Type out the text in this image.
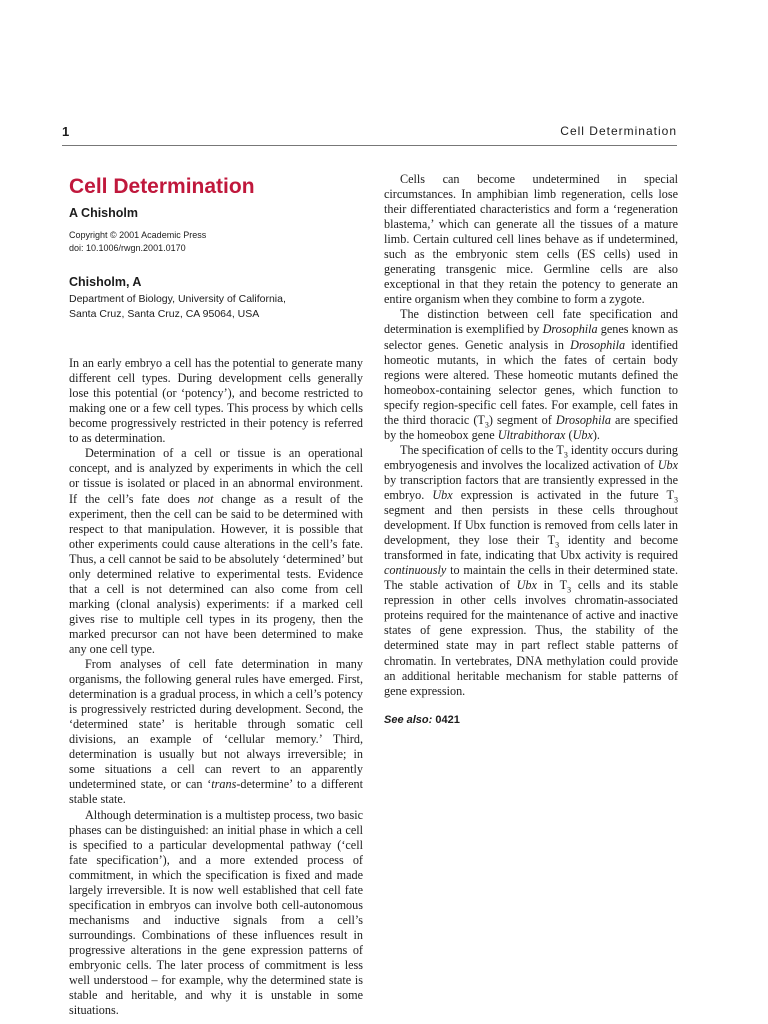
1	Cell Determination
Cell Determination
A Chisholm
Copyright © 2001 Academic Press
doi: 10.1006/rwgn.2001.0170
Chisholm, A
Department of Biology, University of California,
Santa Cruz, Santa Cruz, CA 95064, USA

In an early embryo a cell has the potential to generate many different cell types. During development cells generally lose this potential (or ‘potency’), and become restricted to making one or a few cell types. This process by which cells become progressively restricted in their potency is referred to as determination.

Determination of a cell or tissue is an operational concept, and is analyzed by experiments in which the cell or tissue is isolated or placed in an abnormal environment. If the cell’s fate does not change as a result of the experiment, then the cell can be said to be determined with respect to that manipulation. However, it is possible that other experiments could cause alterations in the cell’s fate. Thus, a cell cannot be said to be absolutely ‘determined’ but only determined relative to experimental tests. Evidence that a cell is not determined can also come from cell marking (clonal analysis) experiments: if a marked cell gives rise to multiple cell types in its progeny, then the marked precursor can not have been determined to make any one cell type.

From analyses of cell fate determination in many organisms, the following general rules have emerged. First, determination is a gradual process, in which a cell’s potency is progressively restricted during development. Second, the ‘determined state’ is heritable through somatic cell divisions, an example of ‘cellular memory.’ Third, determination is usually but not always irreversible; in some situations a cell can revert to an apparently undetermined state, or can ‘trans-determine’ to a different stable state.

Although determination is a multistep process, two basic phases can be distinguished: an initial phase in which a cell is specified to a particular developmental pathway (‘cell fate specification’), and a more extended process of commitment, in which the specification is fixed and made largely irreversible. It is now well established that cell fate specification in embryos can involve both cell-autonomous mechanisms and inductive signals from a cell’s surroundings. Combinations of these influences result in progressive alterations in the gene expression patterns of embryonic cells. The later process of commitment is less well understood – for example, why the determined state is stable and heritable, and why it is unstable in some situations.

Cells can become undetermined in special circumstances. In amphibian limb regeneration, cells lose their differentiated characteristics and form a ‘regeneration blastema,’ which can generate all the tissues of a mature limb. Certain cultured cell lines behave as if undetermined, such as the embryonic stem cells (ES cells) used in generating transgenic mice. Germline cells are also exceptional in that they retain the potency to generate an entire organism when they combine to form a zygote.

The distinction between cell fate specification and determination is exemplified by Drosophila genes known as selector genes. Genetic analysis in Drosophila identified homeotic mutants, in which the fates of certain body regions were altered. These homeotic mutants defined the homeobox-containing selector genes, which function to specify region-specific cell fates. For example, cell fates in the third thoracic $(T_3)$ segment of Drosophila are specified by the homeobox gene Ultrabithorax (Ubx).

The specification of cells to the $T_3$ identity occurs during embryogenesis and involves the localized activation of Ubx by transcription factors that are transiently expressed in the embryo. Ubx expression is activated in the future $T_3$ segment and then persists in these cells throughout development. If Ubx function is removed from cells later in development, they lose their $T_3$ identity and become transformed in fate, indicating that Ubx activity is required continuously to maintain the cells in their determined state. The stable activation of Ubx in $T_3$ cells and its stable repression in other cells involves chromatin-associated proteins required for the maintenance of active and inactive states of gene expression. Thus, the stability of the determined state may in part reflect stable patterns of chromatin. In vertebrates, DNA methylation could provide an additional heritable mechanism for stable patterns of gene expression.

See also: 0421
